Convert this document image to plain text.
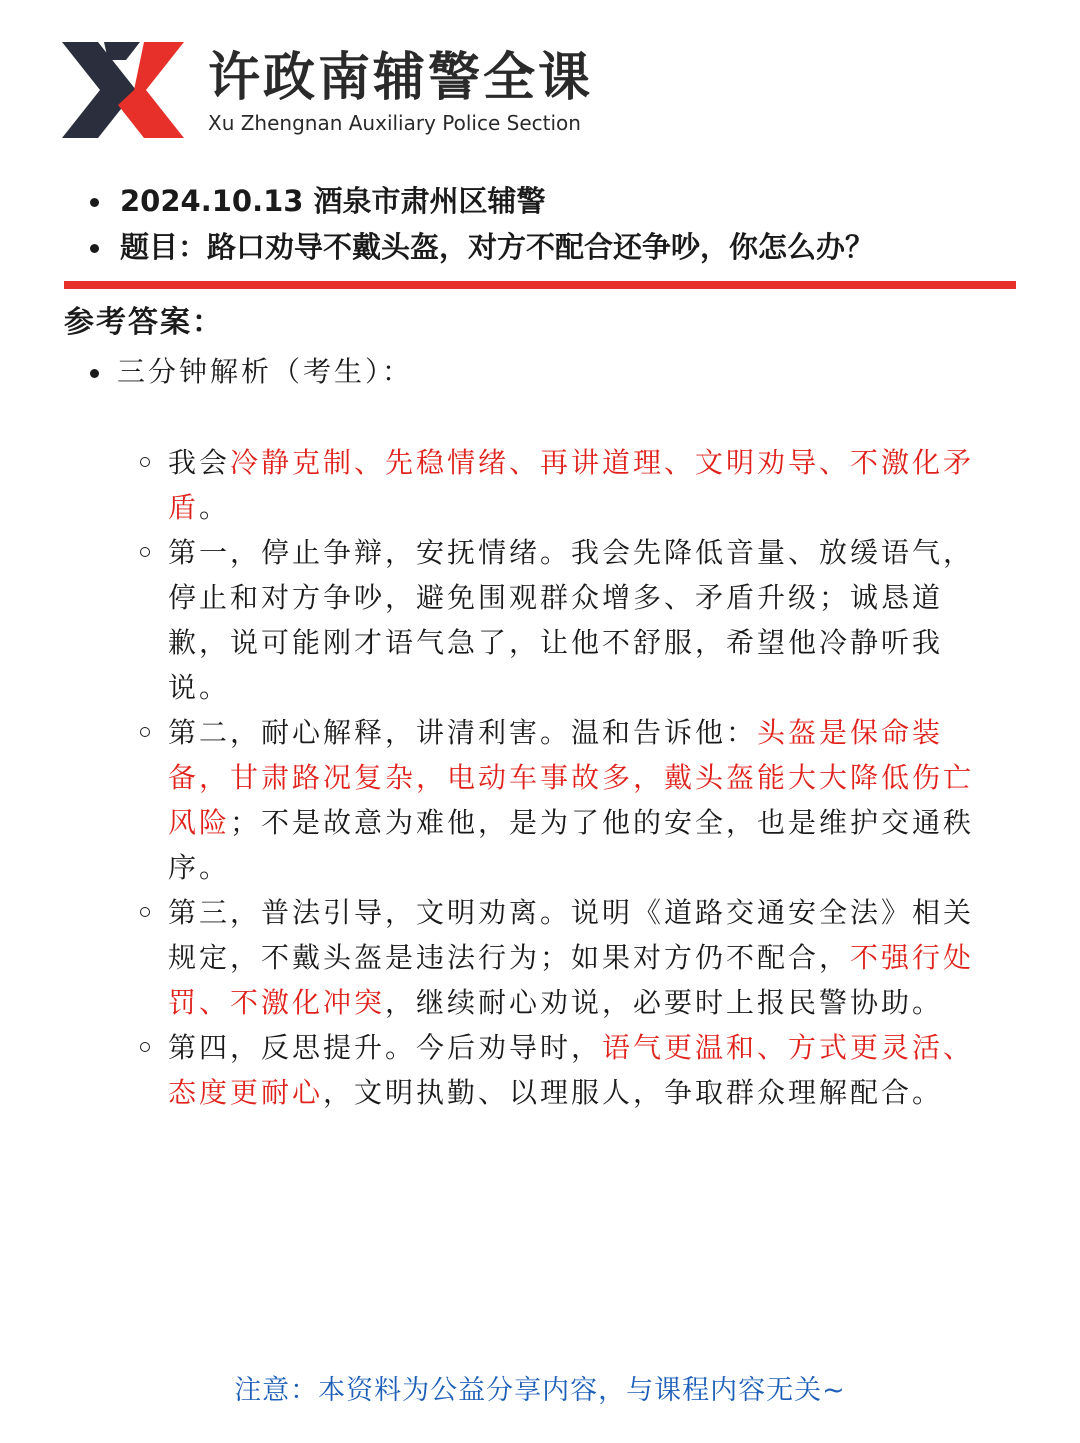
许政南辅警全课
Xu Zhengnan Auxiliary Police Section
2024.10.13 酒泉市肃州区辅警
题目：路口劝导不戴头盔，对方不配合还争吵，你怎么办？
参考答案：
三分钟解析（考生）：
我会冷静克制、先稳情绪、再讲道理、文明劝导、不激化矛盾。
第一，停止争辩，安抚情绪。我会先降低音量、放缓语气，停止和对方争吵，避免围观群众增多、矛盾升级；诚恳道歉，说可能刚才语气急了，让他不舒服，希望他冷静听我说。
第二，耐心解释，讲清利害。温和告诉他：头盔是保命装备，甘肃路况复杂，电动车事故多，戴头盔能大大降低伤亡风险；不是故意为难他，是为了他的安全，也是维护交通秩序。
第三，普法引导，文明劝离。说明《道路交通安全法》相关规定，不戴头盔是违法行为；如果对方仍不配合，不强行处罚、不激化冲突，继续耐心劝说，必要时上报民警协助。
第四，反思提升。今后劝导时，语气更温和、方式更灵活、态度更耐心，文明执勤、以理服人，争取群众理解配合。
注意：本资料为公益分享内容，与课程内容无关~
